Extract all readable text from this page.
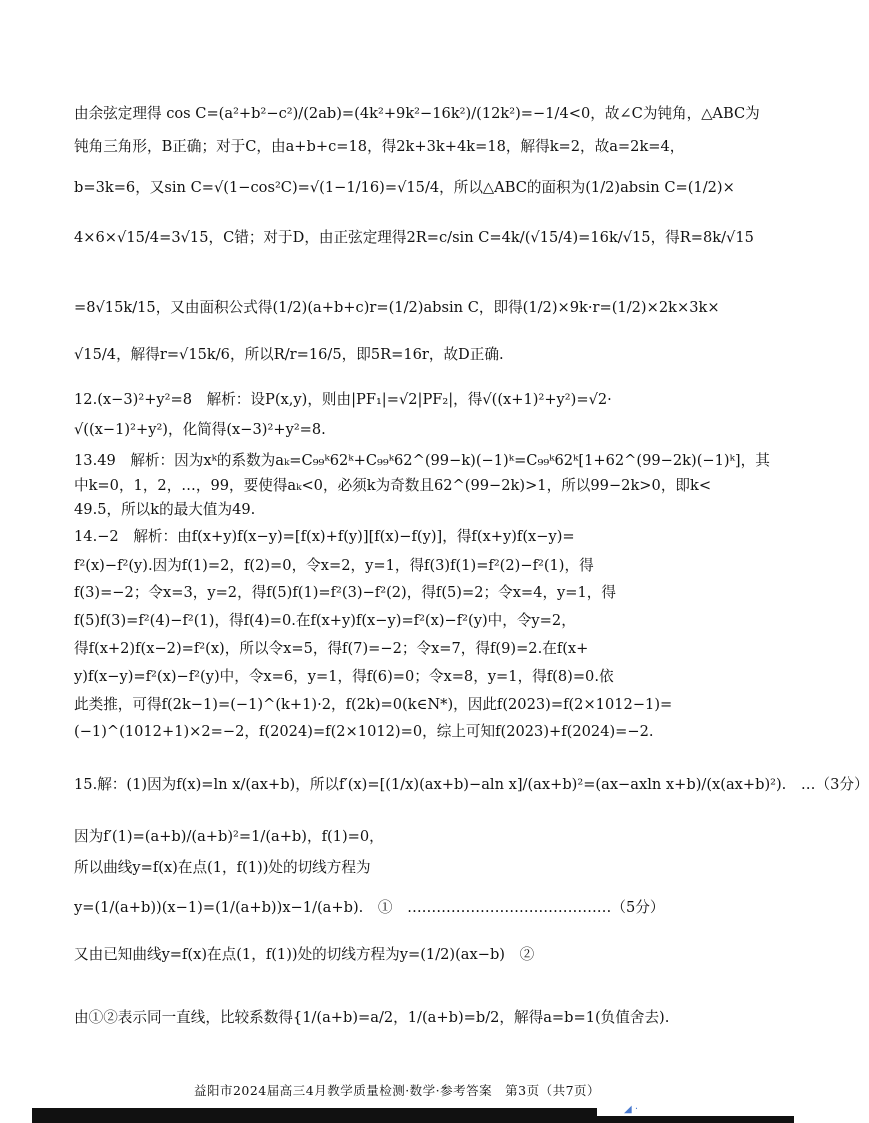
由余弦定理得 cos C=(a²+b²−c²)/(2ab)=(4k²+9k²−16k²)/(12k²)=−1/4<0，故∠C为钝角，△ABC为
钝角三角形，B正确；对于C，由a+b+c=18，得2k+3k+4k=18，解得k=2，故a=2k=4，
b=3k=6，又sin C=√(1−cos²C)=√(1−1/16)=√15/4，所以△ABC的面积为(1/2)absin C=(1/2)×
4×6×√15/4=3√15，C错；对于D，由正弦定理得2R=c/sin C=4k/(√15/4)=16k/√15，得R=8k/√15
=8√15k/15，又由面积公式得(1/2)(a+b+c)r=(1/2)absin C，即得(1/2)×9k·r=(1/2)×2k×3k×
√15/4，解得r=√15k/6，所以R/r=16/5，即5R=16r，故D正确.
12.(x−3)²+y²=8　解析：设P(x,y)，则由|PF₁|=√2|PF₂|，得√((x+1)²+y²)=√2·
√((x−1)²+y²)，化简得(x−3)²+y²=8.
13.49　解析：因为xᵏ的系数为aₖ=C₉₉ᵏ62ᵏ+C₉₉ᵏ62^(99−k)(−1)ᵏ=C₉₉ᵏ62ᵏ[1+62^(99−2k)(−1)ᵏ]，其
中k=0，1，2，…，99，要使得aₖ<0，必须k为奇数且62^(99−2k)>1，所以99−2k>0，即k<
49.5，所以k的最大值为49.
14.−2　解析：由f(x+y)f(x−y)=[f(x)+f(y)][f(x)−f(y)]，得f(x+y)f(x−y)=
f²(x)−f²(y).因为f(1)=2，f(2)=0，令x=2，y=1，得f(3)f(1)=f²(2)−f²(1)，得
f(3)=−2；令x=3，y=2，得f(5)f(1)=f²(3)−f²(2)，得f(5)=2；令x=4，y=1，得
f(5)f(3)=f²(4)−f²(1)，得f(4)=0.在f(x+y)f(x−y)=f²(x)−f²(y)中，令y=2，
得f(x+2)f(x−2)=f²(x)，所以令x=5，得f(7)=−2；令x=7，得f(9)=2.在f(x+
y)f(x−y)=f²(x)−f²(y)中，令x=6，y=1，得f(6)=0；令x=8，y=1，得f(8)=0.依
此类推，可得f(2k−1)=(−1)^(k+1)·2，f(2k)=0(k∈N*)，因此f(2023)=f(2×1012−1)=
(−1)^(1012+1)×2=−2，f(2024)=f(2×1012)=0，综上可知f(2023)+f(2024)=−2.
15.解：(1)因为f(x)=ln x/(ax+b)，所以f′(x)=[(1/x)(ax+b)−aln x]/(ax+b)²=(ax−axln x+b)/(x(ax+b)²).　…（3分）
因为f′(1)=(a+b)/(a+b)²=1/(a+b)，f(1)=0，
所以曲线y=f(x)在点(1，f(1))处的切线方程为
y=(1/(a+b))(x−1)=(1/(a+b))x−1/(a+b).　①　……………………………………（5分）
又由已知曲线y=f(x)在点(1，f(1))处的切线方程为y=(1/2)(ax−b)　②
由①②表示同一直线，比较系数得{1/(a+b)=a/2，1/(a+b)=b/2，解得a=b=1(负值舍去).
益阳市2024届高三4月教学质量检测·数学·参考答案　第3页（共7页）
◢ ·
